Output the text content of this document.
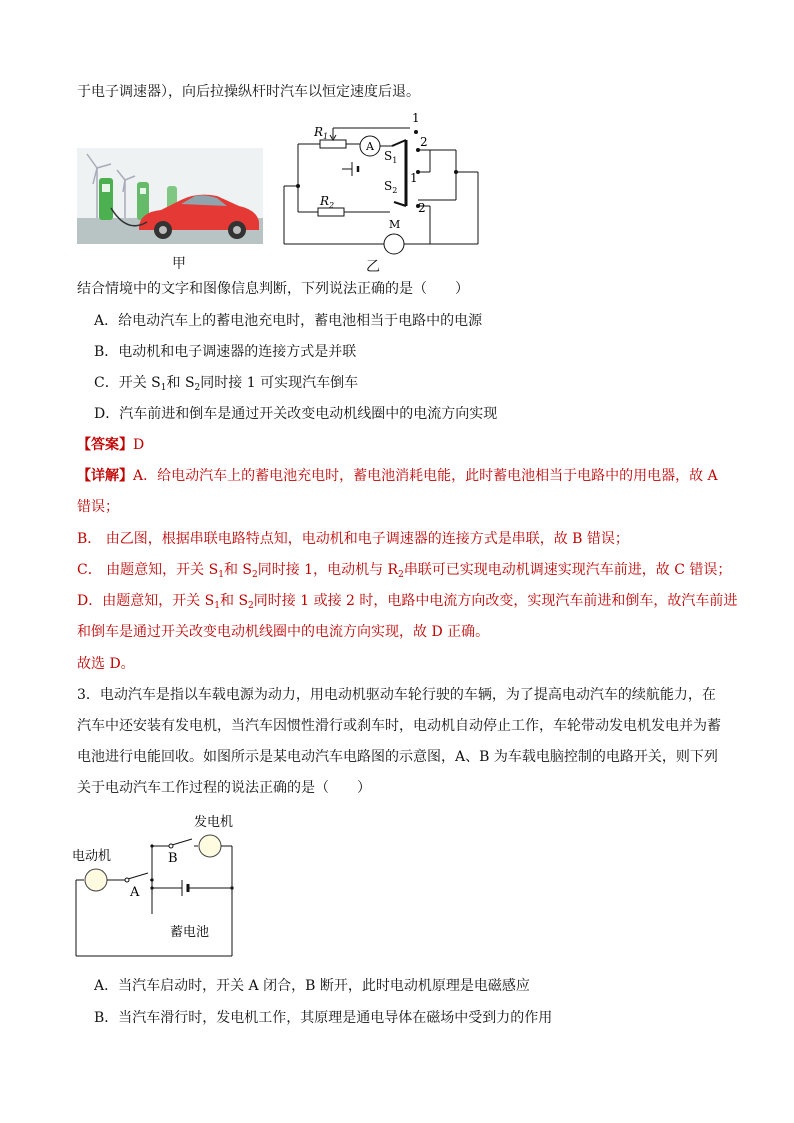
于电子调速器），向后拉操纵杆时汽车以恒定速度后退。
甲
$R_1$
A
M
$S_1$
$S_2$
$R_2$
1
2
1
2
乙
结合情境中的文字和图像信息判断，下列说法正确的是（　　）
A．给电动汽车上的蓄电池充电时，蓄电池相当于电路中的电源
B．电动机和电子调速器的连接方式是并联
C．开关 $S_1$和 $S_2$同时接 1 可实现汽车倒车
D．汽车前进和倒车是通过开关改变电动机线圈中的电流方向实现
【答案】D
【详解】A．给电动汽车上的蓄电池充电时，蓄电池消耗电能，此时蓄电池相当于电路中的用电器，故 A
错误；
B． 由乙图，根据串联电路特点知，电动机和电子调速器的连接方式是串联，故 B 错误；
C． 由题意知，开关 $S_1$和 $S_2$同时接 1，电动机与 $R_2$串联可已实现电动机调速实现汽车前进，故 C 错误；
D．由题意知，开关 $S_1$和 $S_2$同时接 1 或接 2 时，电路中电流方向改变，实现汽车前进和倒车，故汽车前进
和倒车是通过开关改变电动机线圈中的电流方向实现，故 D 正确。
故选 D。
3．电动汽车是指以车载电源为动力，用电动机驱动车轮行驶的车辆，为了提高电动汽车的续航能力，在
汽车中还安装有发电机，当汽车因惯性滑行或刹车时，电动机自动停止工作，车轮带动发电机发电并为蓄
电池进行电能回收。如图所示是某电动汽车电路图的示意图，A、B 为车载电脑控制的电路开关，则下列
关于电动汽车工作过程的说法正确的是（　　）
电动机
发电机
蓄电池
A
B
A．当汽车启动时，开关 A 闭合，B 断开，此时电动机原理是电磁感应
B．当汽车滑行时，发电机工作，其原理是通电导体在磁场中受到力的作用
